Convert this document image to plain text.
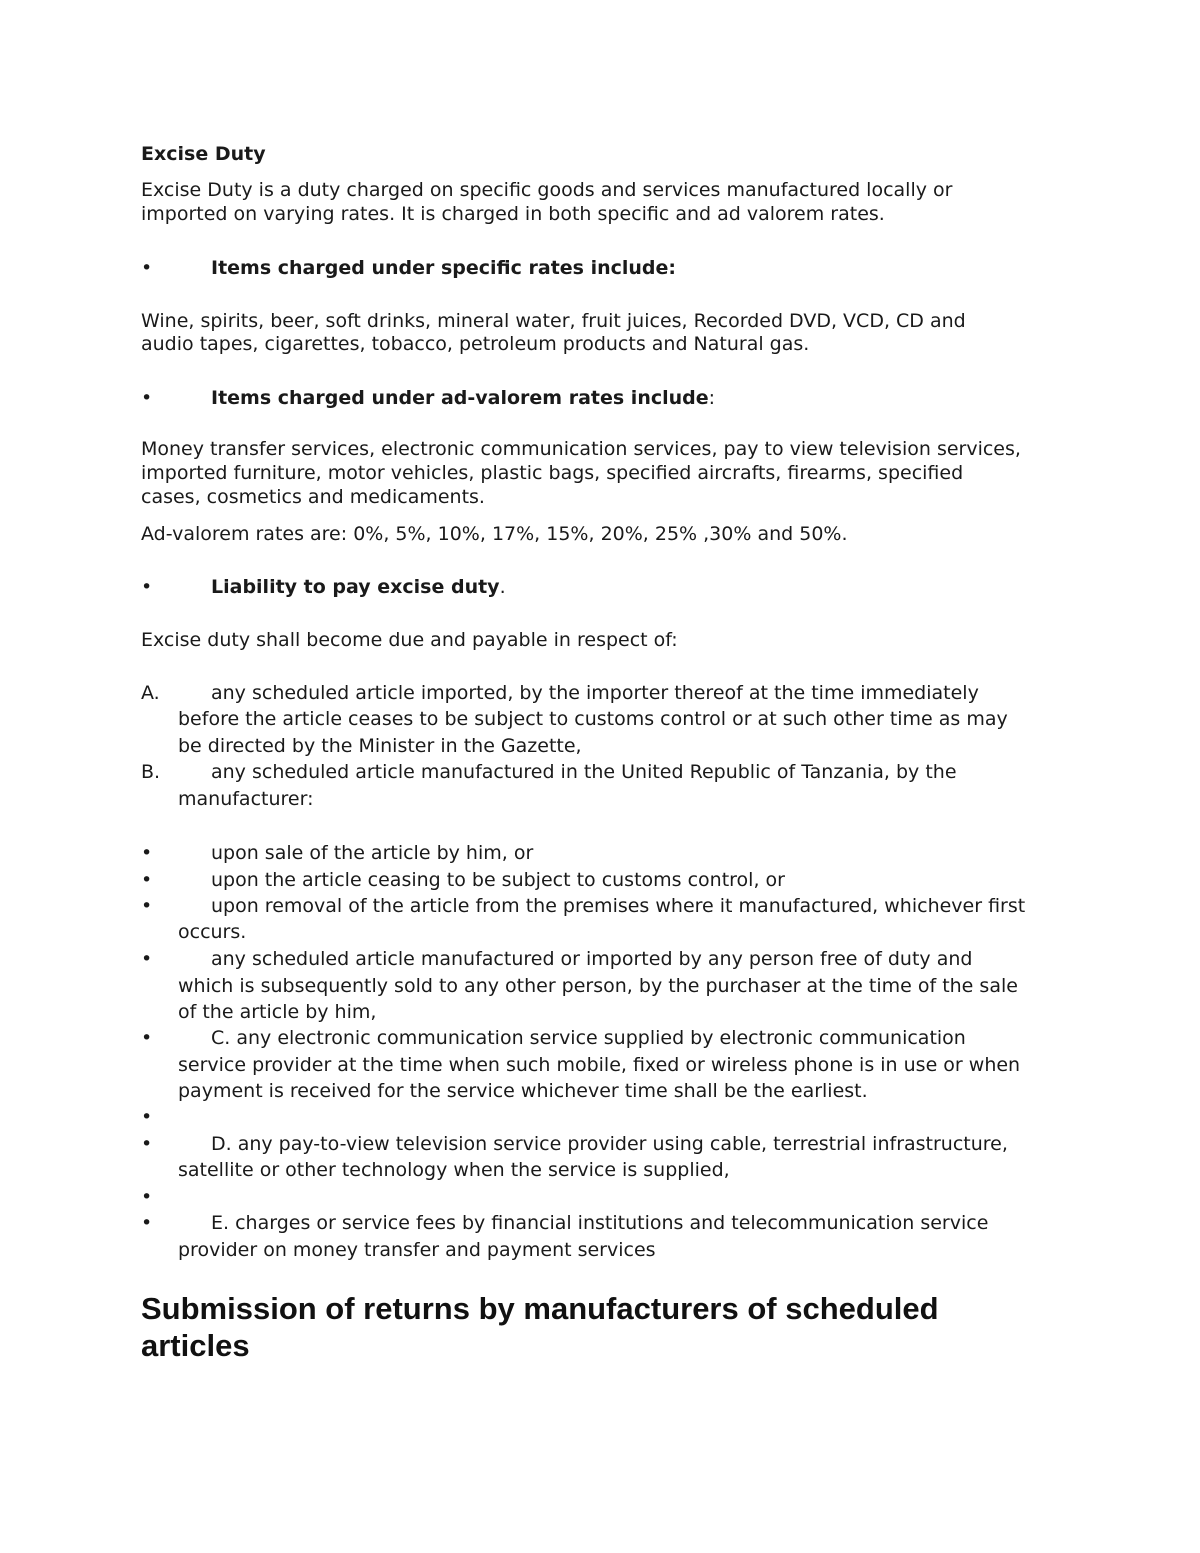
Excise Duty
Excise Duty is a duty charged on specific goods and services manufactured locally or
imported on varying rates. It is charged in both specific and ad valorem rates.
•	Items charged under specific rates include:
Wine, spirits, beer, soft drinks, mineral water, fruit juices, Recorded DVD, VCD, CD and
audio tapes, cigarettes, tobacco, petroleum products and Natural gas.
•	Items charged under ad-valorem rates include:
Money transfer services, electronic communication services, pay to view television services,
imported furniture, motor vehicles, plastic bags, specified aircrafts, firearms, specified
cases, cosmetics and medicaments.
Ad-valorem rates are: 0%, 5%, 10%, 17%, 15%, 20%, 25% ,30% and 50%.
•	Liability to pay excise duty.
Excise duty shall become due and payable in respect of:
A.	any scheduled article imported, by the importer thereof at the time immediately
before the article ceases to be subject to customs control or at such other time as may
be directed by the Minister in the Gazette,
B.	any scheduled article manufactured in the United Republic of Tanzania, by the
manufacturer:
•	upon sale of the article by him, or
•	upon the article ceasing to be subject to customs control, or
•	upon removal of the article from the premises where it manufactured, whichever first
occurs.
•	any scheduled article manufactured or imported by any person free of duty and
which is subsequently sold to any other person, by the purchaser at the time of the sale
of the article by him,
•	C. any electronic communication service supplied by electronic communication
service provider at the time when such mobile, fixed or wireless phone is in use or when
payment is received for the service whichever time shall be the earliest.
•
•	D. any pay-to-view television service provider using cable, terrestrial infrastructure,
satellite or other technology when the service is supplied,
•
•	E. charges or service fees by financial institutions and telecommunication service
provider on money transfer and payment services
Submission of returns by manufacturers of scheduled
articles
